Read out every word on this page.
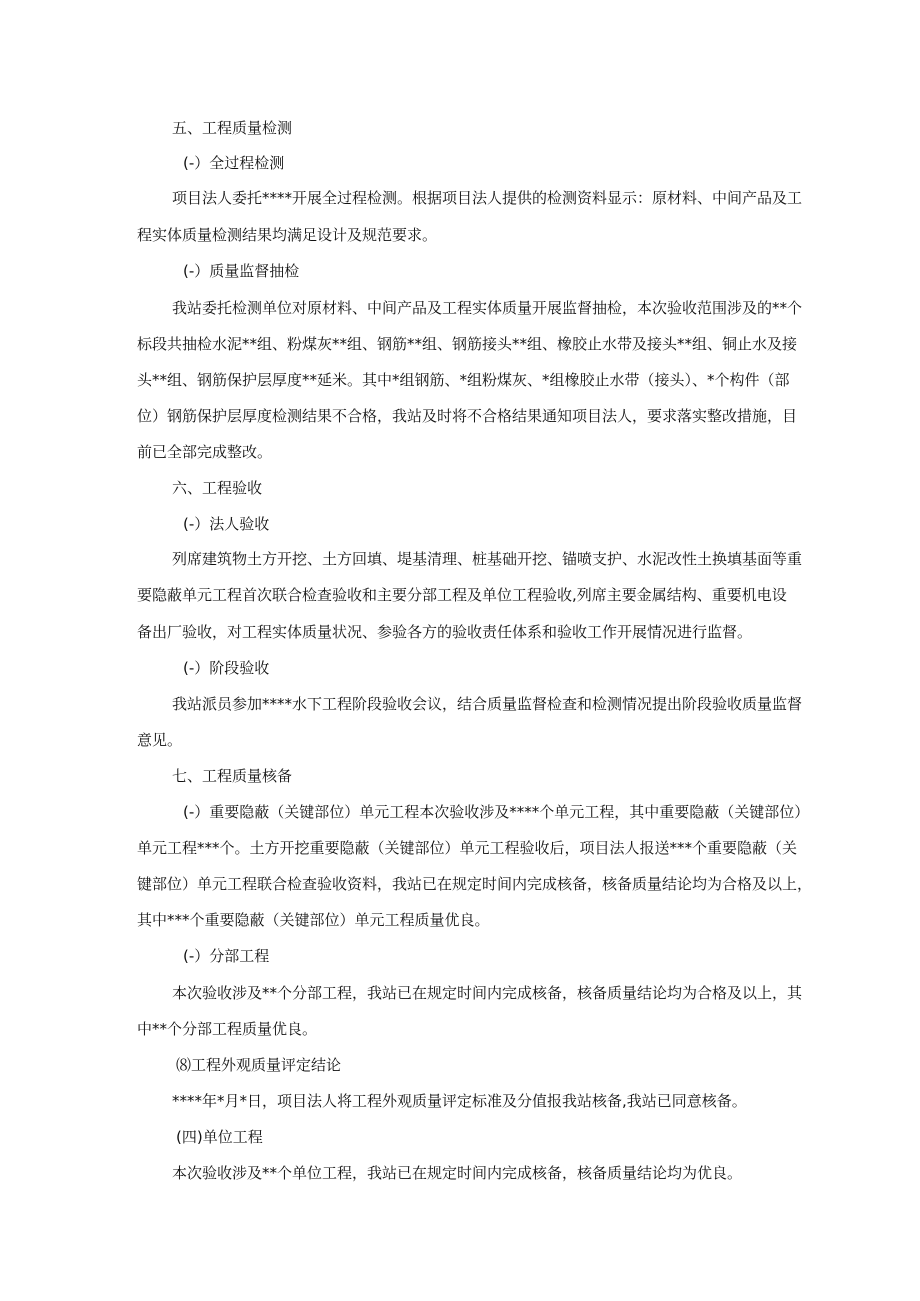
五、工程质量检测
(-）全过程检测
项目法人委托****开展全过程检测。根据项目法人提供的检测资料显示：原材料、中间产品及工
程实体质量检测结果均满足设计及规范要求。
(-）质量监督抽检
我站委托检测单位对原材料、中间产品及工程实体质量开展监督抽检，本次验收范围涉及的**个
标段共抽检水泥**组、粉煤灰**组、钢筋**组、钢筋接头**组、橡胶止水带及接头**组、铜止水及接
头**组、钢筋保护层厚度**延米。其中*组钢筋、*组粉煤灰、*组橡胶止水带（接头）、*个构件（部
位）钢筋保护层厚度检测结果不合格，我站及时将不合格结果通知项目法人，要求落实整改措施，目
前已全部完成整改。
六、工程验收
(-）法人验收
列席建筑物土方开挖、土方回填、堤基清理、桩基础开挖、锚喷支护、水泥改性土换填基面等重
要隐蔽单元工程首次联合检查验收和主要分部工程及单位工程验收,列席主要金属结构、重要机电设
备出厂验收，对工程实体质量状况、参验各方的验收责任体系和验收工作开展情况进行监督。
(-）阶段验收
我站派员参加****水下工程阶段验收会议，结合质量监督检查和检测情况提出阶段验收质量监督
意见。
七、工程质量核备
(-）重要隐蔽（关键部位）单元工程本次验收涉及****个单元工程，其中重要隐蔽（关键部位）
单元工程***个。土方开挖重要隐蔽（关键部位）单元工程验收后，项目法人报送***个重要隐蔽（关
键部位）单元工程联合检查验收资料，我站已在规定时间内完成核备，核备质量结论均为合格及以上，
其中***个重要隐蔽（关键部位）单元工程质量优良。
(-）分部工程
本次验收涉及**个分部工程，我站已在规定时间内完成核备，核备质量结论均为合格及以上，其
中**个分部工程质量优良。
⑻工程外观质量评定结论
****年*月*日，项目法人将工程外观质量评定标准及分值报我站核备,我站已同意核备。
(四)单位工程
本次验收涉及**个单位工程，我站已在规定时间内完成核备，核备质量结论均为优良。
